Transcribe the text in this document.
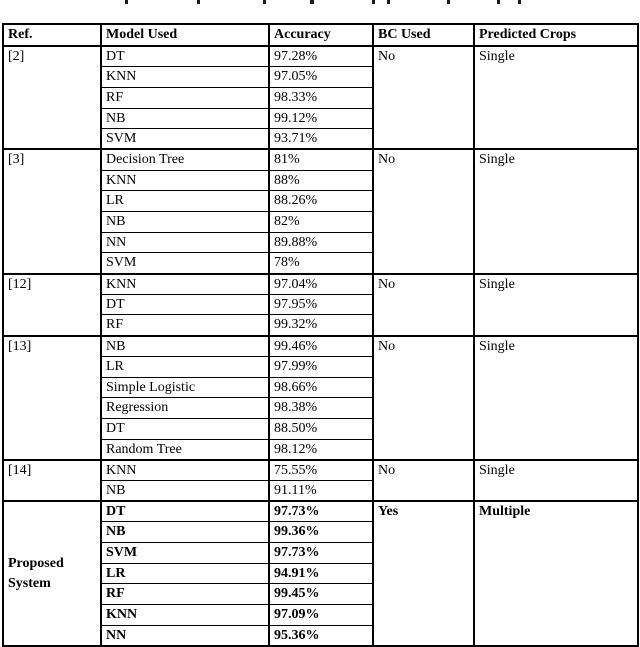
Ref.	Model Used	Accuracy	BC Used	Predicted Crops
[2]	DT	97.28%	No	Single
	KNN	97.05%		
	RF	98.33%		
	NB	99.12%		
	SVM	93.71%		
[3]	Decision Tree	81%	No	Single
	KNN	88%		
	LR	88.26%		
	NB	82%		
	NN	89.88%		
	SVM	78%		
[12]	KNN	97.04%	No	Single
	DT	97.95%		
	RF	99.32%		
[13]	NB	99.46%	No	Single
	LR	97.99%		
	Simple Logistic	98.66%		
	Regression	98.38%		
	DT	88.50%		
	Random Tree	98.12%		
[14]	KNN	75.55%	No	Single
	NB	91.11%		
Proposed System	DT	97.73%	Yes	Multiple
	NB	99.36%		
	SVM	97.73%		
	LR	94.91%		
	RF	99.45%		
	KNN	97.09%		
	NN	95.36%		
